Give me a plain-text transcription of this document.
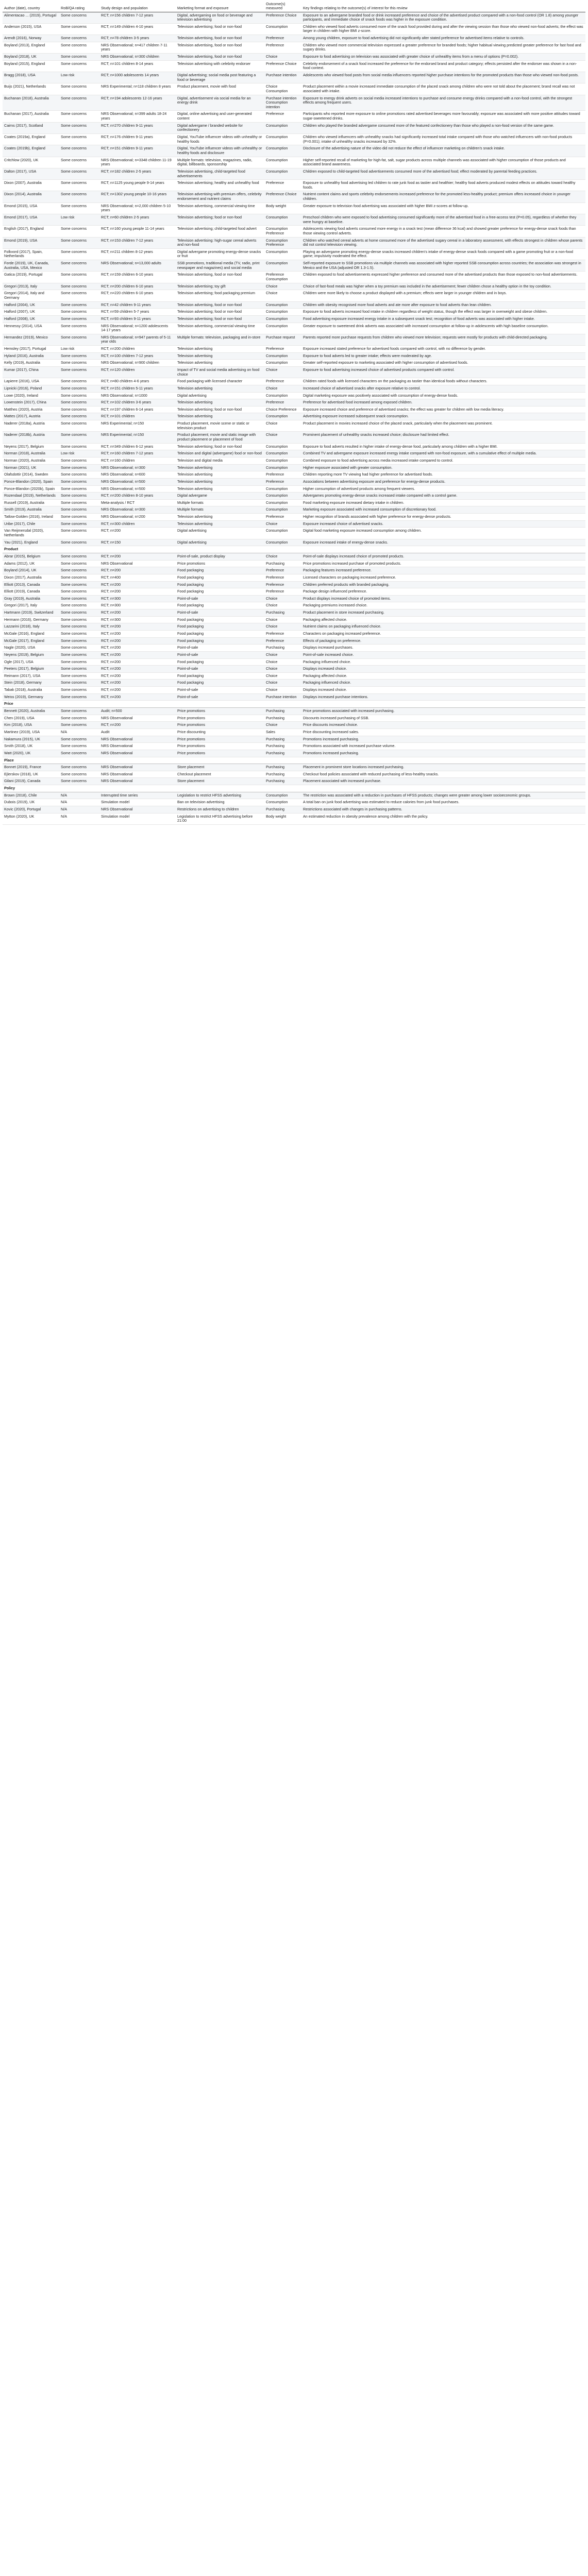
Author (date), country	RoB/QA rating	Study design and population	Marketing format and exposure	Outcome(s) measured	Key findings relating to the outcome(s) of interest for this review
Alimentacao ... (2019), Portugal	Some concerns	RCT; n=156 children 7-12 years	Digital, advergaming on food or beverage and television advertising	Preference Choice	Exposure to an advergame branded food or drink increased preference and choice of the advertised product compared with a non-food control (OR 1.8) among younger participants, and immediate choice of snack foods was higher in the exposure condition.
Anderson (2015), USA	Some concerns	RCT; n=149 children 4-10 years	Television advertising; food or non-food	Consumption	Children who viewed food adverts consumed more of the snack food provided during and after the viewing session than those who viewed non-food adverts; the effect was larger in children with higher BMI z-score.
Arendt (2016), Norway	Some concerns	RCT; n=78 children 3-5 years	Television advertising, food or non-food	Preference	Among young children, exposure to food advertising did not significantly alter stated preference for advertised items relative to controls.
Boyland (2013), England	Some concerns	NRS Observational; n=417 children 7-11 years	Television advertising, food or non-food	Preference	Children who viewed more commercial television expressed a greater preference for branded foods; higher habitual viewing predicted greater preference for fast food and sugary drinks.
Boyland (2018), UK	Some concerns	NRS Observational; n=300 children	Television advertising, food or non-food	Choice	Exposure to food advertising on television was associated with greater choice of unhealthy items from a menu of options (P=0.002).
Boyland (2015), England	Some concerns	RCT; n=101 children 8-14 years	Television advertising with celebrity endorser	Preference Choice	Celebrity endorsement of a snack food increased the preference for the endorsed brand and product category; effects persisted after the endorser was shown in a non-food context.
Bragg (2018), USA	Low risk	RCT; n=1000 adolescents 14 years	Digital advertising; social media post featuring a food or beverage	Purchase intention	Adolescents who viewed food posts from social media influencers reported higher purchase intentions for the promoted products than those who viewed non-food posts.
Buijs (2021), Netherlands	Some concerns	NRS Experimental; n=118 children 8 years	Product placement, movie with food	Choice Consumption	Product placement within a movie increased immediate consumption of the placed snack among children who were not told about the placement; brand recall was not associated with intake.
Buchanan (2018), Australia	Some concerns	RCT; n=194 adolescents 12-16 years	Digital, advertisement via social media for an energy drink	Purchase intention Consumption intention	Exposure to energy drink adverts on social media increased intentions to purchase and consume energy drinks compared with a non-food control, with the strongest effects among frequent users.
Buchanan (2017), Australia	Some concerns	NRS Observational; n=399 adults 18-24 years	Digital, online advertising and user-generated content	Preference	Participants who reported more exposure to online promotions rated advertised beverages more favourably; exposure was associated with more positive attitudes toward sugar-sweetened drinks.
Cairns (2017), Scotland	Some concerns	RCT; n=270 children 9-11 years	Digital advergame / branded website for confectionery	Consumption	Children who played the branded advergame consumed more of the featured confectionery than those who played a non-food version of the same game.
Coates (2019a), England	Some concerns	RCT; n=176 children 9-11 years	Digital, YouTube influencer videos with unhealthy or healthy foods	Consumption	Children who viewed influencers with unhealthy snacks had significantly increased total intake compared with those who watched influencers with non-food products (P=0.001); intake of unhealthy snacks increased by 32%.
Coates (2019b), England	Some concerns	RCT; n=151 children 9-11 years	Digital, YouTube influencer videos with unhealthy or healthy foods and disclosure	Consumption	Disclosure of the advertising nature of the video did not reduce the effect of influencer marketing on children's snack intake.
Critchlow (2020), UK	Some concerns	NRS Observational; n=3348 children 11-19 years	Multiple formats: television, magazines, radio, digital, billboards, sponsorship	Consumption	Higher self-reported recall of marketing for high-fat, salt, sugar products across multiple channels was associated with higher consumption of those products and associated brand awareness.
Dalton (2017), USA	Some concerns	RCT; n=182 children 2-5 years	Television advertising, child-targeted food advertisements	Consumption	Children exposed to child-targeted food advertisements consumed more of the advertised food; effect moderated by parental feeding practices.
Dixon (2007), Australia	Some concerns	RCT; n=1125 young people 9-14 years	Television advertising; healthy and unhealthy food	Preference	Exposure to unhealthy food advertising led children to rate junk food as tastier and healthier; healthy food adverts produced modest effects on attitudes toward healthy foods.
Dixon (2014), Australia	Some concerns	RCT; n=1302 young people 10-16 years	Television advertising with premium offers, celebrity endorsement and nutrient claims	Preference Choice	Nutrient content claims and sports celebrity endorsements increased preference for the promoted less-healthy product; premium offers increased choice in younger children.
Emond (2015), USA	Some concerns	NRS Observational; n=2,000 children 5-10 years	Television advertising, commercial viewing time	Body weight	Greater exposure to television food advertising was associated with higher BMI z-scores at follow-up.
Emond (2017), USA	Low risk	RCT; n=60 children 2-5 years	Television advertising; food or non-food	Consumption	Preschool children who were exposed to food advertising consumed significantly more of the advertised food in a free-access test (P=0.05), regardless of whether they were hungry at baseline.
English (2017), England	Some concerns	RCT; n=160 young people 11-14 years	Television advertising; child-targeted food advert	Consumption Preference	Adolescents viewing food adverts consumed more energy in a snack test (mean difference 36 kcal) and showed greater preference for energy-dense snack foods than those viewing control adverts.
Emond (2019), USA	Some concerns	RCT; n=153 children 7-12 years	Television advertising: high-sugar cereal adverts and non-food	Consumption Preference	Children who watched cereal adverts at home consumed more of the advertised sugary cereal in a laboratory assessment, with effects strongest in children whose parents did not control television viewing.
Folkvord (2017), Spain, Netherlands	Some concerns	RCT; n=211 children 8-12 years	Digital advergame promoting energy-dense snacks or fruit	Consumption	Playing an advergame promoting energy-dense snacks increased children's intake of energy-dense snack foods compared with a game promoting fruit or a non-food game; impulsivity moderated the effect.
Forde (2019), UK, Canada, Australia, USA, Mexico	Some concerns	NRS Observational; n=13,000 adults	SSB promotions, traditional media (TV, radio, print newspaper and magazines) and social media	Consumption	Self-reported exposure to SSB promotions via multiple channels was associated with higher reported SSB consumption across countries; the association was strongest in Mexico and the USA (adjusted OR 1.3-1.5).
Gatica (2019), Portugal	Some concerns	RCT; n=159 children 6-10 years	Television advertising, food or non-food	Preference Consumption	Children exposed to food advertisements expressed higher preference and consumed more of the advertised products than those exposed to non-food advertisements.
Gregori (2013), Italy	Some concerns	RCT; n=200 children 6-10 years	Television advertising; toy gift	Choice	Choice of fast-food meals was higher when a toy premium was included in the advertisement; fewer children chose a healthy option in the toy condition.
Gregori (2014), Italy and Germany	Some concerns	RCT; n=220 children 6-10 years	Television advertising; food packaging premium	Choice	Children were more likely to choose a product displayed with a premium; effects were larger in younger children and in boys.
Halford (2004), UK	Some concerns	RCT; n=42 children 9-11 years	Television advertising, food or non-food	Consumption	Children with obesity recognised more food adverts and ate more after exposure to food adverts than lean children.
Halford (2007), UK	Some concerns	RCT; n=59 children 5-7 years	Television advertising; food or non-food	Consumption	Exposure to food adverts increased food intake in children regardless of weight status, though the effect was larger in overweight and obese children.
Halford (2008), UK	Some concerns	RCT; n=93 children 9-11 years	Television advertising; food or non-food	Consumption	Food advertising exposure increased energy intake in a subsequent snack test; recognition of food adverts was associated with higher intake.
Hennessy (2014), USA	Some concerns	NRS Observational; n=1200 adolescents 14-17 years	Television advertising, commercial viewing time	Consumption	Greater exposure to sweetened drink adverts was associated with increased consumption at follow-up in adolescents with high baseline consumption.
Hernandez (2019), Mexico	Some concerns	NRS Observational; n=947 parents of 5-11 year olds	Multiple formats: television, packaging and in-store	Purchase request	Parents reported more purchase requests from children who viewed more television; requests were mostly for products with child-directed packaging.
Hemsley (2017), Portugal	Low risk	RCT; n=200 children	Television advertising	Preference	Exposure increased stated preference for advertised foods compared with control, with no difference by gender.
Hyland (2016), Australia	Some concerns	RCT; n=100 children 7-12 years	Television advertising	Consumption	Exposure to food adverts led to greater intake; effects were moderated by age.
Kelly (2019), Australia	Some concerns	NRS Observational; n=900 children	Television advertising	Consumption	Greater self-reported exposure to marketing associated with higher consumption of advertised foods.
Kumar (2017), China	Some concerns	RCT; n=120 children	Impact of TV and social media advertising on food choice	Choice	Exposure to food advertising increased choice of advertised products compared with control.
Lapierre (2016), USA	Some concerns	RCT; n=80 children 4-6 years	Food packaging with licensed character	Preference	Children rated foods with licensed characters on the packaging as tastier than identical foods without characters.
Lipnicki (2016), Poland	Some concerns	RCT; n=151 children 5-11 years	Television advertising	Choice	Increased choice of advertised snacks after exposure relative to control.
Lowe (2020), Ireland	Some concerns	NRS Observational; n=1000	Digital advertising	Consumption	Digital marketing exposure was positively associated with consumption of energy-dense foods.
Lowenstein (2017), China	Some concerns	RCT; n=102 children 3-6 years	Television advertising	Preference	Preference for advertised food increased among exposed children.
Matthes (2020), Austria	Some concerns	RCT; n=197 children 6-14 years	Television advertising; food or non-food	Choice Preference	Exposure increased choice and preference of advertised snacks; the effect was greater for children with low media literacy.
Mattes (2017), Austria	Some concerns	RCT; n=101 children	Television advertising	Consumption	Advertising exposure increased subsequent snack consumption.
Naderer (2018a), Austria	Some concerns	NRS Experimental; n=150	Product placement, movie scene or static or television product	Choice	Product placement in movies increased choice of the placed snack, particularly when the placement was prominent.
Naderer (2018b), Austria	Some concerns	NRS Experimental; n=150	Product placement; movie and static image with product placement or placement of food	Choice	Prominent placement of unhealthy snacks increased choice; disclosure had limited effect.
Neyens (2017), Belgium	Some concerns	RCT; n=349 children 6-12 years	Television advertising; food or non-food	Consumption	Exposure to food adverts resulted in higher intake of energy-dense food, particularly among children with a higher BMI.
Norman (2018), Australia	Low risk	RCT; n=160 children 7-12 years	Television and digital (advergame) food or non-food	Consumption	Combined TV and advergame exposure increased energy intake compared with non-food exposure, with a cumulative effect of multiple media.
Norman (2020), Australia	Some concerns	RCT; n=160 children	Television and digital media	Consumption	Combined exposure to food advertising across media increased intake compared to control.
Norman (2021), UK	Some concerns	NRS Observational; n=300	Television advertising	Consumption	Higher exposure associated with greater consumption.
Olafsdottir (2014), Sweden	Some concerns	NRS Observational; n=600	Television advertising	Preference	Children reporting more TV viewing had higher preference for advertised foods.
Ponce-Blandon (2020), Spain	Some concerns	NRS Observational; n=500	Television advertising	Preference	Associations between advertising exposure and preference for energy-dense products.
Ponce-Blandon (2020b), Spain	Some concerns	NRS Observational; n=500	Television advertising	Consumption	Higher consumption of advertised products among frequent viewers.
Rozendaal (2019), Netherlands	Some concerns	RCT; n=200 children 8-10 years	Digital advergame	Consumption	Advergames promoting energy-dense snacks increased intake compared with a control game.
Russell (2019), Australia	Some concerns	Meta-analysis / RCT	Multiple formats	Consumption	Food marketing exposure increased dietary intake in children.
Smith (2019), Australia	Some concerns	NRS Observational; n=300	Multiple formats	Consumption	Marketing exposure associated with increased consumption of discretionary food.
Tatlow-Golden (2016), Ireland	Some concerns	NRS Observational; n=200	Television advertising	Preference	Higher recognition of brands associated with higher preference for energy-dense products.
Uribe (2017), Chile	Some concerns	RCT; n=300 children	Television advertising	Choice	Exposure increased choice of advertised snacks.
Van Reijmersdal (2020), Netherlands	Some concerns	RCT; n=200	Digital advertising	Consumption	Digital food marketing exposure increased consumption among children.
Yau (2021), England	Some concerns	RCT; n=150	Digital advertising	Consumption	Exposure increased intake of energy-dense snacks.
Product					
Abrar (2015), Belgium	Some concerns	RCT; n=200	Point-of-sale, product display	Choice	Point-of-sale displays increased choice of promoted products.
Adams (2012), UK	Some concerns	NRS Observational	Price promotions	Purchasing	Price promotions increased purchase of promoted products.
Boyland (2014), UK	Some concerns	RCT; n=200	Food packaging	Preference	Packaging features increased preference.
Dixon (2017), Australia	Some concerns	RCT; n=400	Food packaging	Preference	Licensed characters on packaging increased preference.
Elliott (2013), Canada	Some concerns	RCT; n=200	Food packaging	Preference	Children preferred products with branded packaging.
Elliott (2019), Canada	Some concerns	RCT; n=200	Food packaging	Preference	Package design influenced preference.
Gray (2019), Australia	Some concerns	RCT; n=300	Point-of-sale	Choice	Product displays increased choice of promoted items.
Gregori (2017), Italy	Some concerns	RCT; n=300	Food packaging	Choice	Packaging premiums increased choice.
Hartmann (2019), Switzerland	Some concerns	RCT; n=200	Point-of-sale	Purchasing	Product placement in store increased purchasing.
Hermann (2016), Germany	Some concerns	RCT; n=300	Food packaging	Choice	Packaging affected choice.
Lazzarini (2018), Italy	Some concerns	RCT; n=200	Food packaging	Choice	Nutrient claims on packaging influenced choice.
McGale (2016), England	Some concerns	RCT; n=200	Food packaging	Preference	Characters on packaging increased preference.
McGale (2017), England	Some concerns	RCT; n=200	Food packaging	Preference	Effects of packaging on preference.
Nagle (2020), USA	Some concerns	RCT; n=200	Point-of-sale	Purchasing	Displays increased purchases.
Neyens (2019), Belgium	Some concerns	RCT; n=200	Point-of-sale	Choice	Point-of-sale increased choice.
Ogle (2017), USA	Some concerns	RCT; n=200	Food packaging	Choice	Packaging influenced choice.
Peeters (2017), Belgium	Some concerns	RCT; n=200	Point-of-sale	Choice	Displays increased choice.
Reimann (2017), USA	Some concerns	RCT; n=200	Food packaging	Choice	Packaging affected choice.
Stein (2018), Germany	Some concerns	RCT; n=200	Food packaging	Choice	Packaging influenced choice.
Tabak (2018), Australia	Some concerns	RCT; n=200	Point-of-sale	Choice	Displays increased choice.
Weiss (2019), Germany	Some concerns	RCT; n=200	Point-of-sale	Purchase intention	Displays increased purchase intentions.
Price					
Bennett (2020), Australia	Some concerns	Audit; n=500	Price promotions	Purchasing	Price promotions associated with increased purchasing.
Chen (2019), USA	Some concerns	NRS Observational	Price promotions	Purchasing	Discounts increased purchasing of SSB.
Kim (2018), USA	Some concerns	RCT; n=200	Price promotions	Choice	Price discounts increased choice.
Martinez (2019), USA	N/A	Audit	Price discounting	Sales	Price discounting increased sales.
Nakamura (2015), UK	Some concerns	NRS Observational	Price promotions	Purchasing	Promotions increased purchasing.
Smith (2018), UK	Some concerns	NRS Observational	Price promotions	Purchasing	Promotions associated with increased purchase volume.
Watt (2020), UK	Some concerns	NRS Observational	Price promotions	Purchasing	Promotions increased purchasing.
Place					
Bonnet (2019), France	Some concerns	NRS Observational	Store placement	Purchasing	Placement in prominent store locations increased purchasing.
Ejlerskov (2018), UK	Some concerns	NRS Observational	Checkout placement	Purchasing	Checkout food policies associated with reduced purchasing of less-healthy snacks.
Gilani (2019), Canada	Some concerns	NRS Observational	Store placement	Purchasing	Placement associated with increased purchase.
Policy					
Brown (2018), Chile	N/A	Interrupted time series	Legislation to restrict HFSS advertising	Consumption	The restriction was associated with a reduction in purchases of HFSS products; changes were greater among lower socioeconomic groups.
Dubois (2019), UK	N/A	Simulation model	Ban on television advertising	Consumption	A total ban on junk food advertising was estimated to reduce calories from junk food purchases.
Kovic (2020), Portugal	N/A	NRS Observational	Restrictions on advertising to children	Purchasing	Restrictions associated with changes in purchasing patterns.
Mytton (2020), UK	N/A	Simulation model	Legislation to restrict HFSS advertising before 21:00	Body weight	An estimated reduction in obesity prevalence among children with the policy.
